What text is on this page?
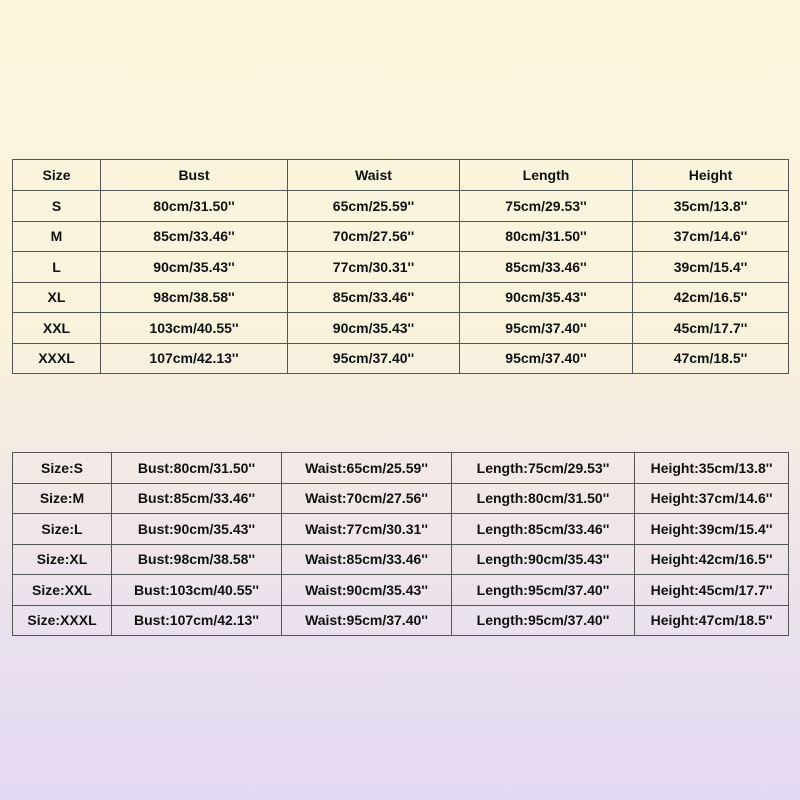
Size	Bust	Waist	Length	Height
S	80cm/31.50''	65cm/25.59''	75cm/29.53''	35cm/13.8''
M	85cm/33.46''	70cm/27.56''	80cm/31.50''	37cm/14.6''
L	90cm/35.43''	77cm/30.31''	85cm/33.46''	39cm/15.4''
XL	98cm/38.58''	85cm/33.46''	90cm/35.43''	42cm/16.5''
XXL	103cm/40.55''	90cm/35.43''	95cm/37.40''	45cm/17.7''
XXXL	107cm/42.13''	95cm/37.40''	95cm/37.40''	47cm/18.5''
Size:S	Bust:80cm/31.50''	Waist:65cm/25.59''	Length:75cm/29.53''	Height:35cm/13.8''
Size:M	Bust:85cm/33.46''	Waist:70cm/27.56''	Length:80cm/31.50''	Height:37cm/14.6''
Size:L	Bust:90cm/35.43''	Waist:77cm/30.31''	Length:85cm/33.46''	Height:39cm/15.4''
Size:XL	Bust:98cm/38.58''	Waist:85cm/33.46''	Length:90cm/35.43''	Height:42cm/16.5''
Size:XXL	Bust:103cm/40.55''	Waist:90cm/35.43''	Length:95cm/37.40''	Height:45cm/17.7''
Size:XXXL	Bust:107cm/42.13''	Waist:95cm/37.40''	Length:95cm/37.40''	Height:47cm/18.5''
